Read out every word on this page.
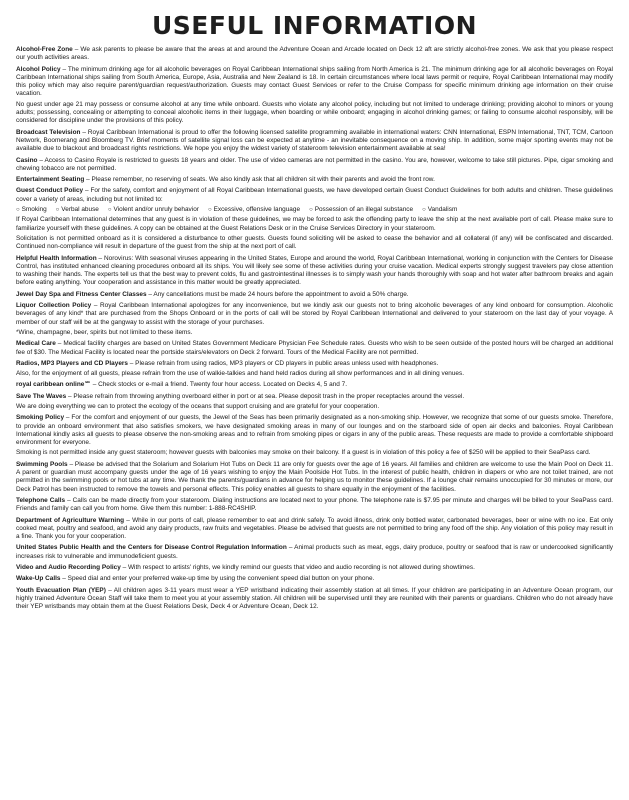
USEFUL INFORMATION
Alcohol-Free Zone – We ask parents to please be aware that the areas at and around the Adventure Ocean and Arcade located on Deck 12 aft are strictly alcohol-free zones. We ask that you please respect our youth activities areas.
Alcohol Policy – The minimum drinking age for all alcoholic beverages on Royal Caribbean International ships sailing from North America is 21. The minimum drinking age for all alcoholic beverages on Royal Caribbean International ships sailing from South America, Europe, Asia, Australia and New Zealand is 18. In certain circumstances where local laws permit or require, Royal Caribbean International may modify this policy which may also require parent/guardian request/authorization. Guests may contact Guest Services or refer to the Cruise Compass for specific minimum drinking age information on their cruise vacation.
No guest under age 21 may possess or consume alcohol at any time while onboard. Guests who violate any alcohol policy, including but not limited to underage drinking; providing alcohol to minors or young adults; possessing, concealing or attempting to conceal alcoholic items in their luggage, when boarding or while onboard; engaging in alcohol drinking games; or failing to consume alcohol responsibly, will be considered for discipline under the provisions of this policy.
Broadcast Television – Royal Caribbean International is proud to offer the following licensed satellite programming available in international waters: CNN International, ESPN International, TNT, TCM, Cartoon Network, Boomerang and Bloomberg TV. Brief moments of satellite signal loss can be expected at anytime - an inevitable consequence on a moving ship. In addition, some major sporting events may not be available due to blackout and broadcast rights restrictions. We hope you enjoy the widest variety of stateroom television entertainment available at sea!
Casino – Access to Casino Royale is restricted to guests 18 years and older. The use of video cameras are not permitted in the casino. You are, however, welcome to take still pictures. Pipe, cigar smoking and chewing tobacco are not permitted.
Entertainment Seating – Please remember, no reserving of seats. We also kindly ask that all children sit with their parents and avoid the front row.
Guest Conduct Policy – For the safety, comfort and enjoyment of all Royal Caribbean International guests, we have developed certain Guest Conduct Guidelines for both adults and children. These guidelines cover a variety of areas, including but not limited to:
○ Smoking ○ Verbal abuse ○ Violent and/or unruly behavior ○ Excessive, offensive language ○ Possession of an illegal substance ○ Vandalism
If Royal Caribbean International determines that any guest is in violation of these guidelines, we may be forced to ask the offending party to leave the ship at the next available port of call. Please make sure to familiarize yourself with these guidelines. A copy can be obtained at the Guest Relations Desk or in the Cruise Services Directory in your stateroom.
Solicitation is not permitted onboard as it is considered a disturbance to other guests. Guests found soliciting will be asked to cease the behavior and all collateral (if any) will be confiscated and discarded. Continued non-compliance will result in departure of the guest from the ship at the next port of call.
Helpful Health Information – Norovirus: With seasonal viruses appearing in the United States, Europe and around the world, Royal Caribbean International, working in conjunction with the Centers for Disease Control, has instituted enhanced cleaning procedures onboard all its ships. You will likely see some of these activities during your cruise vacation. Medical experts strongly suggest travelers pay close attention to washing their hands. The experts tell us that the best way to prevent colds, flu and gastrointestinal illnesses is to simply wash your hands thoroughly with soap and hot water after bathroom breaks and again before eating anything. Your cooperation and assistance in this matter would be greatly appreciated.
Jewel Day Spa and Fitness Center Classes – Any cancellations must be made 24 hours before the appointment to avoid a 50% charge.
Liquor Collection Policy – Royal Caribbean International apologizes for any inconvenience, but we kindly ask our guests not to bring alcoholic beverages of any kind onboard for consumption. Alcoholic beverages of any kind* that are purchased from the Shops Onboard or in the ports of call will be stored by Royal Caribbean International and delivered to your stateroom on the last day of your voyage. A member of our staff will be at the gangway to assist with the storage of your purchases.
*Wine, champagne, beer, spirits but not limited to these items.
Medical Care – Medical facility charges are based on United States Government Medicare Physician Fee Schedule rates. Guests who wish to be seen outside of the posted hours will be charged an additional fee of $30. The Medical Facility is located near the portside stairs/elevators on Deck 2 forward. Tours of the Medical Facility are not permitted.
Radios, MP3 Players and CD Players – Please refrain from using radios, MP3 players or CD players in public areas unless used with headphones.
Also, for the enjoyment of all guests, please refrain from the use of walkie-talkies and hand held radios during all show performances and in all dining venues.
royal caribbean online℠ – Check stocks or e-mail a friend. Twenty four hour access. Located on Decks 4, 5 and 7.
Save The Waves – Please refrain from throwing anything overboard either in port or at sea. Please deposit trash in the proper receptacles around the vessel.
We are doing everything we can to protect the ecology of the oceans that support cruising and are grateful for your cooperation.
Smoking Policy – For the comfort and enjoyment of our guests, the Jewel of the Seas has been primarily designated as a non-smoking ship. However, we recognize that some of our guests smoke. Therefore, to provide an onboard environment that also satisfies smokers, we have designated smoking areas in many of our lounges and on the starboard side of open air decks and balconies. Royal Caribbean International kindly asks all guests to please observe the non-smoking areas and to refrain from smoking pipes or cigars in any of the public areas. These requests are made to provide a comfortable shipboard environment for everyone.
Smoking is not permitted inside any guest stateroom; however guests with balconies may smoke on their balcony. If a guest is in violation of this policy a fee of $250 will be applied to their SeaPass card.
Swimming Pools – Please be advised that the Solarium and Solarium Hot Tubs on Deck 11 are only for guests over the age of 16 years. All families and children are welcome to use the Main Pool on Deck 11. A parent or guardian must accompany guests under the age of 16 years wishing to enjoy the Main Poolside Hot Tubs. In the interest of public health, children in diapers or who are not toilet trained, are not permitted in the swimming pools or hot tubs at any time. We thank the parents/guardians in advance for helping us to monitor these guidelines. If a lounge chair remains unoccupied for 30 minutes or more, our Deck Patrol has been instructed to remove the towels and personal effects. This policy enables all guests to share equally in the enjoyment of the facilities.
Telephone Calls – Calls can be made directly from your stateroom. Dialing instructions are located next to your phone. The telephone rate is $7.95 per minute and charges will be billed to your SeaPass card. Friends and family can call you from home. Give them this number: 1-888-RC4SHIP.
Department of Agriculture Warning – While in our ports of call, please remember to eat and drink safely. To avoid illness, drink only bottled water, carbonated beverages, beer or wine with no ice. Eat only cooked meat, poultry and seafood, and avoid any dairy products, raw fruits and vegetables. Please be advised that guests are not permitted to bring any food off the ship. Any violation of this policy may result in a fine. Thank you for your cooperation.
United States Public Health and the Centers for Disease Control Regulation Information – Animal products such as meat, eggs, dairy produce, poultry or seafood that is raw or undercooked significantly increases risk to vulnerable and immunodeficient guests.
Video and Audio Recording Policy – With respect to artists' rights, we kindly remind our guests that video and audio recording is not allowed during showtimes.
Wake-Up Calls – Speed dial and enter your preferred wake-up time by using the convenient speed dial button on your phone.
Youth Evacuation Plan (YEP) – All children ages 3-11 years must wear a YEP wristband indicating their assembly station at all times. If your children are participating in an Adventure Ocean program, our highly trained Adventure Ocean Staff will take them to meet you at your assembly station. All children will be supervised until they are reunited with their parents or guardians. Children who do not already have their YEP wristbands may obtain them at the Guest Relations Desk, Deck 4 or Adventure Ocean, Deck 12.
